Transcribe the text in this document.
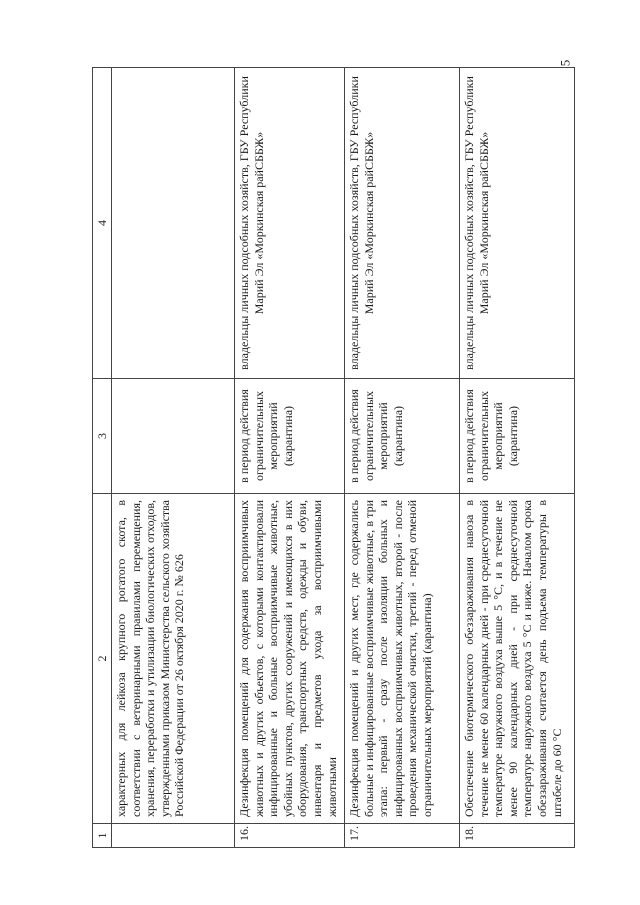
5
1	2	3	4
	характерных для лейкоза крупного рогатого скота, в соответствии с ветеринарными правилами перемещения, хранения, переработки и утилизации биологических отходов, утвержденными приказом Министерства сельского хозяйства Российской Федерации от 26 октября 2020 г. № 626		
16.	Дезинфекция помещений для содержания восприимчивых животных и других объектов, с которыми контактировали инфицированные и больные восприимчивые животные, убойных пунктов, других сооружений и имеющихся в них оборудования, транспортных средств, одежды и обуви, инвентаря и предметов ухода за восприимчивыми животными	в период действия ограничительных мероприятий (карантина)	владельцы личных подсобных хозяйств, ГБУ Республики Марий Эл «Моркинская райСББЖ»
17.	Дезинфекция помещений и других мест, где содержались больные и инфицированные восприимчивые животные, в три этапа: первый - сразу после изоляции больных и инфицированных восприимчивых животных, второй - после проведения механической очистки, третий - перед отменой ограничительных мероприятий (карантина)	в период действия ограничительных мероприятий (карантина)	владельцы личных подсобных хозяйств, ГБУ Республики Марий Эл «Моркинская райСББЖ»
18.	Обеспечение биотермического обеззараживания навоза в течение не менее 60 календарных дней - при среднесуточной температуре наружного воздуха выше 5 °С, и в течение не менее 90 календарных дней - при среднесуточной температуре наружного воздуха 5 °С и ниже. Началом срока обеззараживания считается день подъема температуры в штабеле до 60 °С	в период действия ограничительных мероприятий (карантина)	владельцы личных подсобных хозяйств, ГБУ Республики Марий Эл «Моркинская райСББЖ»
